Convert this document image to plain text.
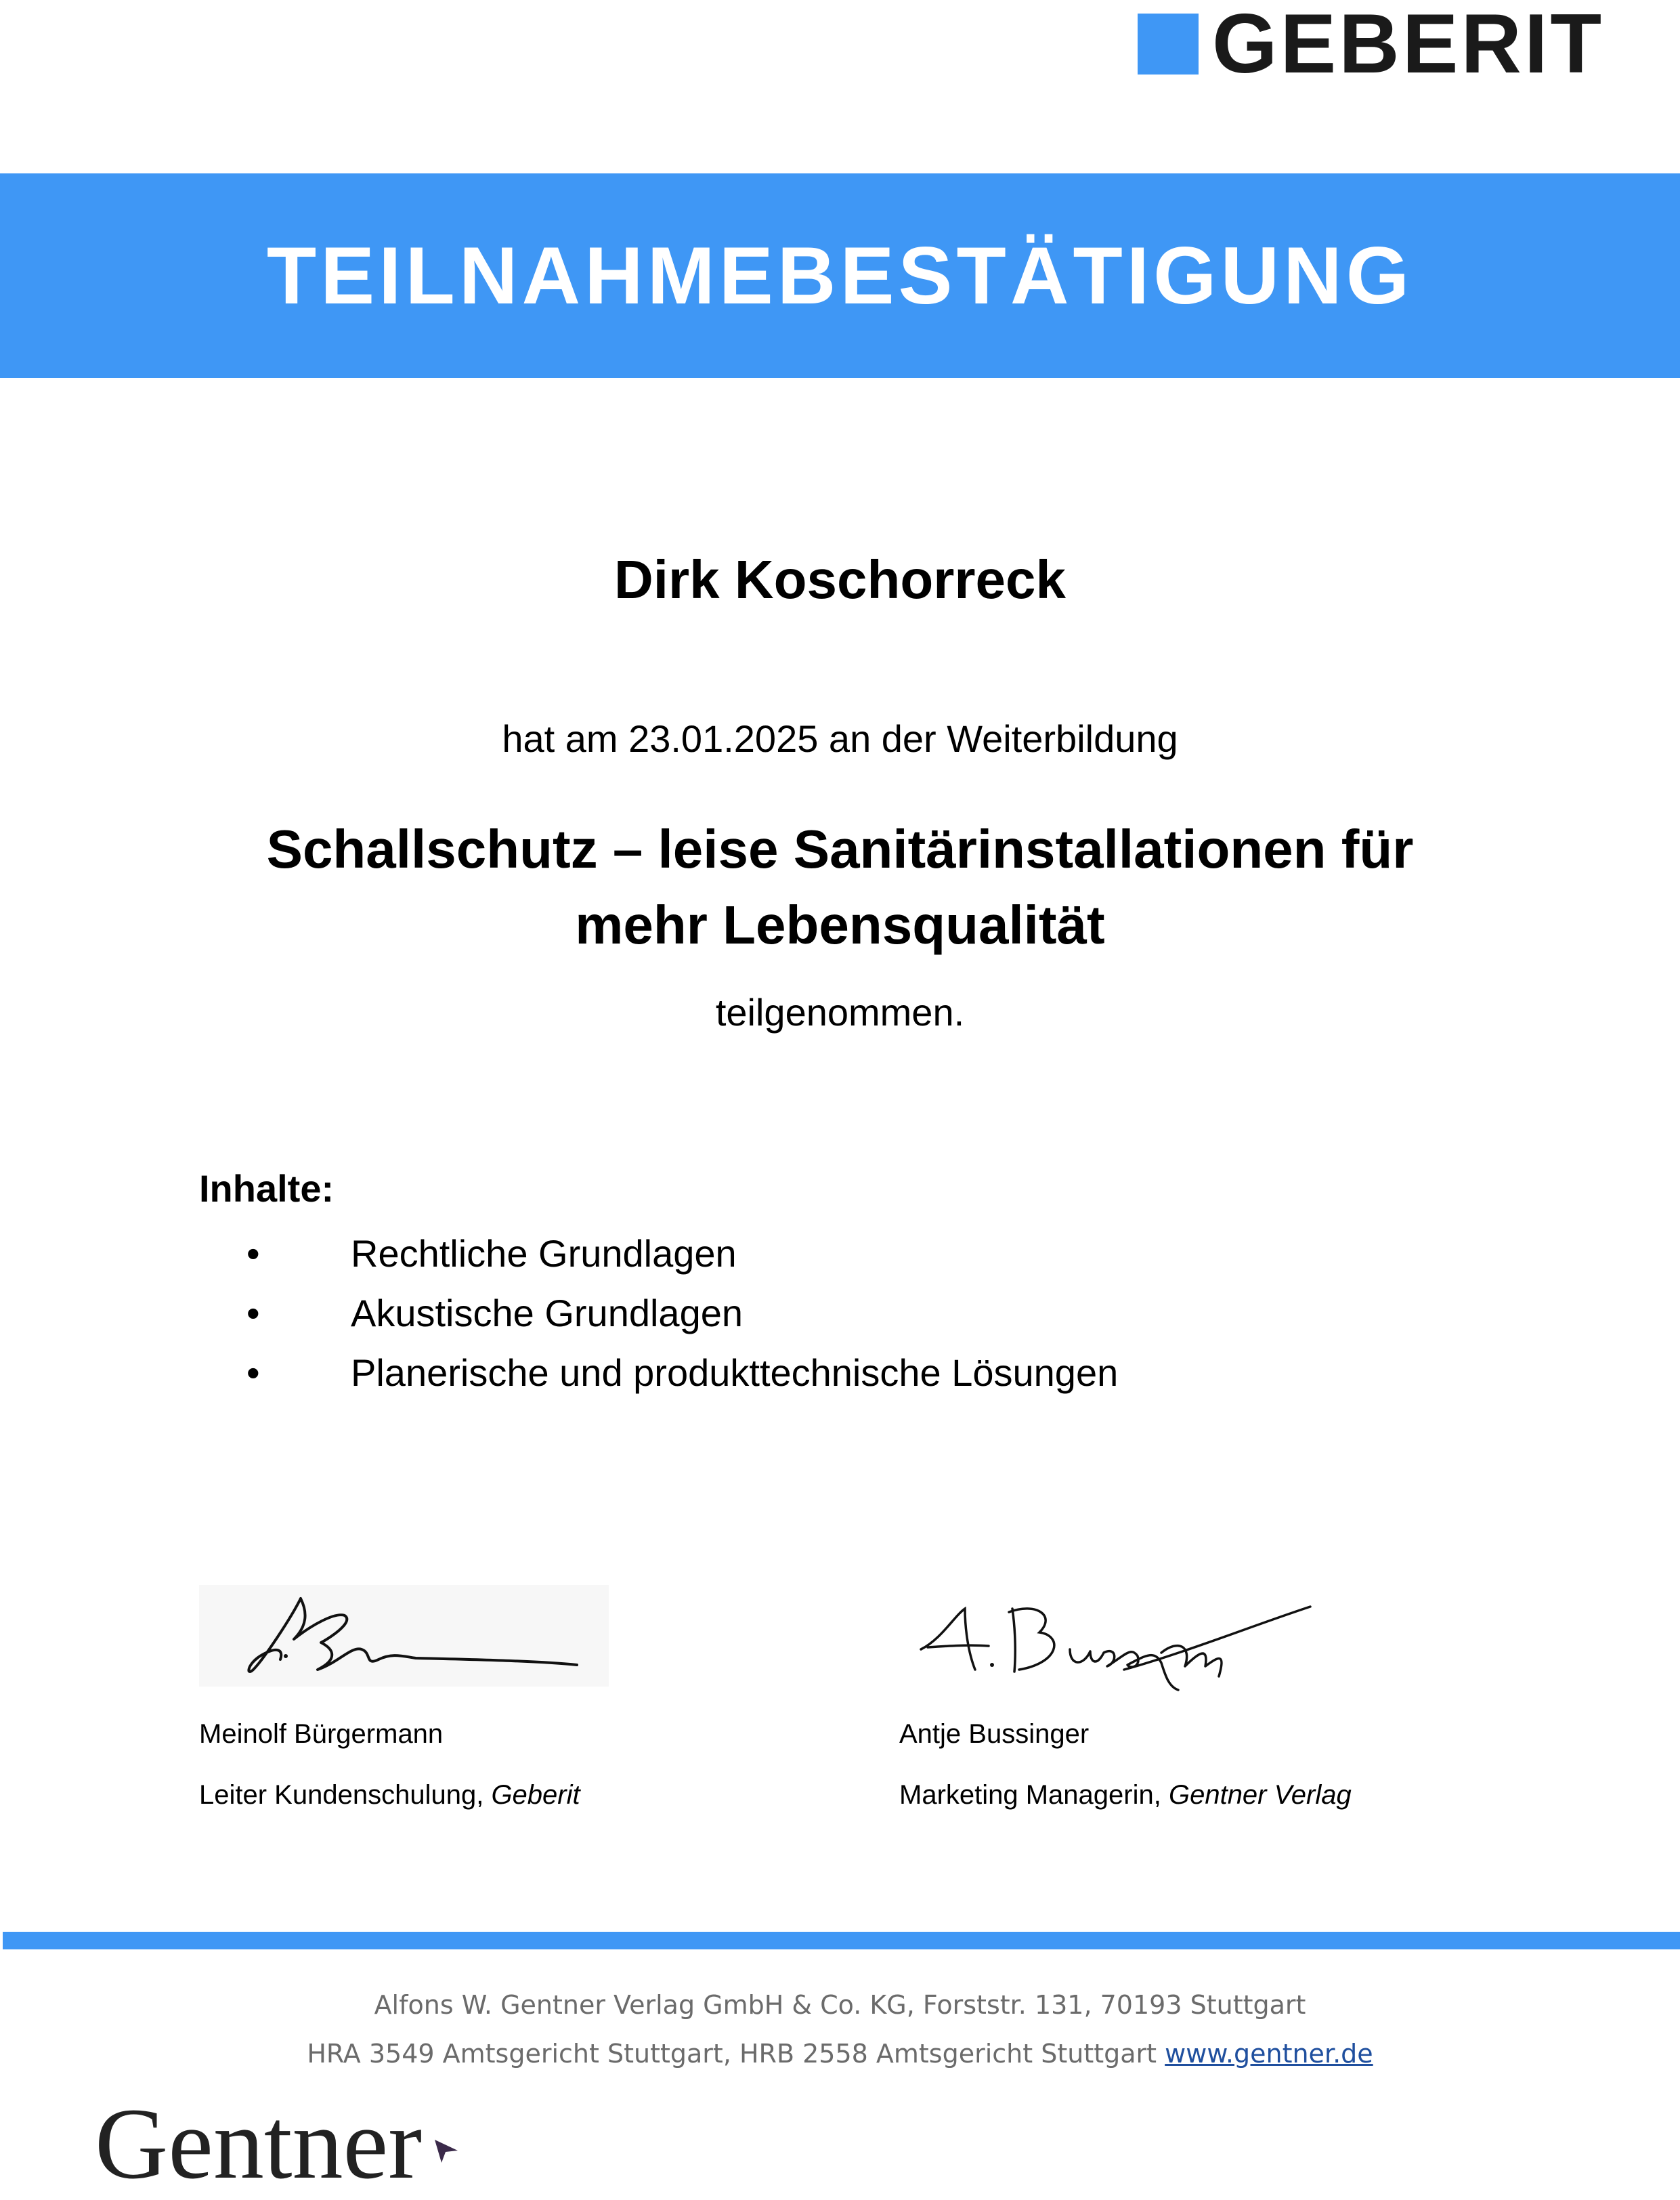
GEBERIT
TEILNAHMEBESTÄTIGUNG
Dirk Koschorreck
hat am 23.01.2025 an der Weiterbildung
Schallschutz – leise Sanitärinstallationen für
mehr Lebensqualität
teilgenommen.
Inhalte:
• Rechtliche Grundlagen
• Akustische Grundlagen
• Planerische und produkttechnische Lösungen
Meinolf Bürgermann
Leiter Kundenschulung, Geberit
Antje Bussinger
Marketing Managerin, Gentner Verlag
Alfons W. Gentner Verlag GmbH & Co. KG, Forststr. 131, 70193 Stuttgart
HRA 3549 Amtsgericht Stuttgart, HRB 2558 Amtsgericht Stuttgart www.gentner.de
Gentner
